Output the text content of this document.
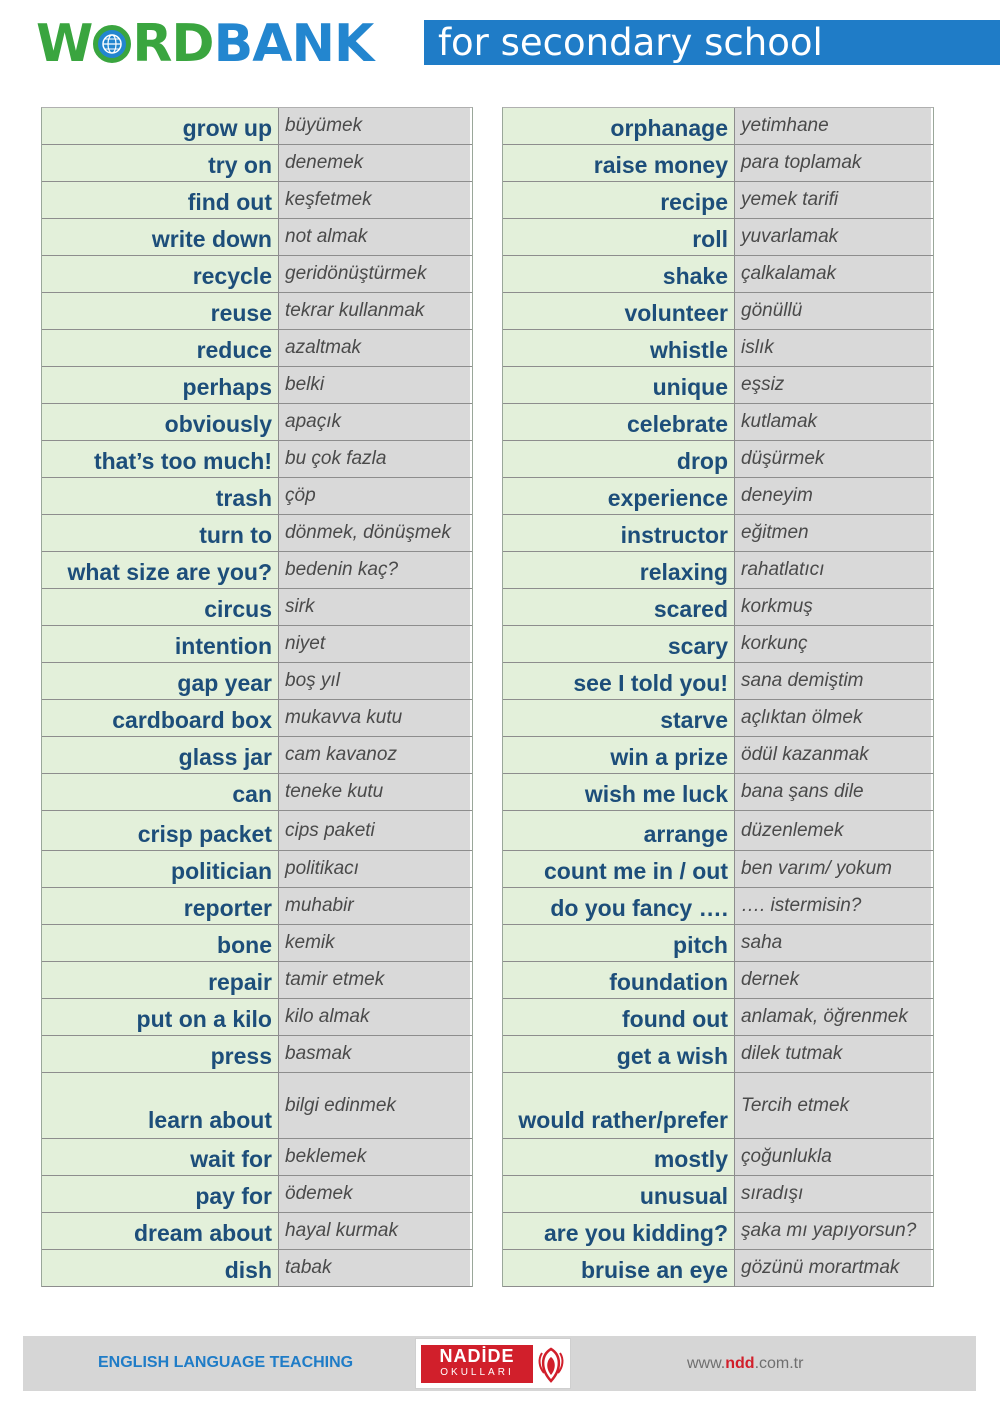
W RDBANK	for secondary school
grow up büyümek
try on denemek
find out keşfetmek
write down not almak
recycle geridönüştürmek
reuse tekrar kullanmak
reduce azaltmak
perhaps belki
obviously apaçık
that’s too much! bu çok fazla
trash çöp
turn to dönmek, dönüşmek
what size are you? bedenin kaç?
circus sirk
intention niyet
gap year boş yıl
cardboard box mukavva kutu
glass jar cam kavanoz
can teneke kutu
crisp packet cips paketi
politician politikacı
reporter muhabir
bone kemik
repair tamir etmek
put on a kilo kilo almak
press basmak
learn about
bilgi edinmek
wait for beklemek
pay for ödemek
dream about hayal kurmak
dish tabak
orphanage yetimhane
raise money para toplamak
recipe yemek tarifi
roll yuvarlamak
shake çalkalamak
volunteer gönüllü
whistle islık
unique eşsiz
celebrate kutlamak
drop düşürmek
experience deneyim
instructor eğitmen
relaxing rahatlatıcı
scared korkmuş
scary korkunç
see I told you! sana demiştim
starve açlıktan ölmek
win a prize ödül kazanmak
wish me luck bana şans dile
arrange düzenlemek
count me in / out ben varım/ yokum
do you fancy …. …. istermisin?
pitch saha
foundation dernek
found out anlamak, öğrenmek
get a wish dilek tutmak
would rather/prefer
Tercih etmek
mostly çoğunlukla
unusual sıradışı
are you kidding? şaka mı yapıyorsun?
bruise an eye gözünü morartmak
ENGLISH LANGUAGE TEACHING	NADİDE
OKULLARI
www.ndd.com.tr
